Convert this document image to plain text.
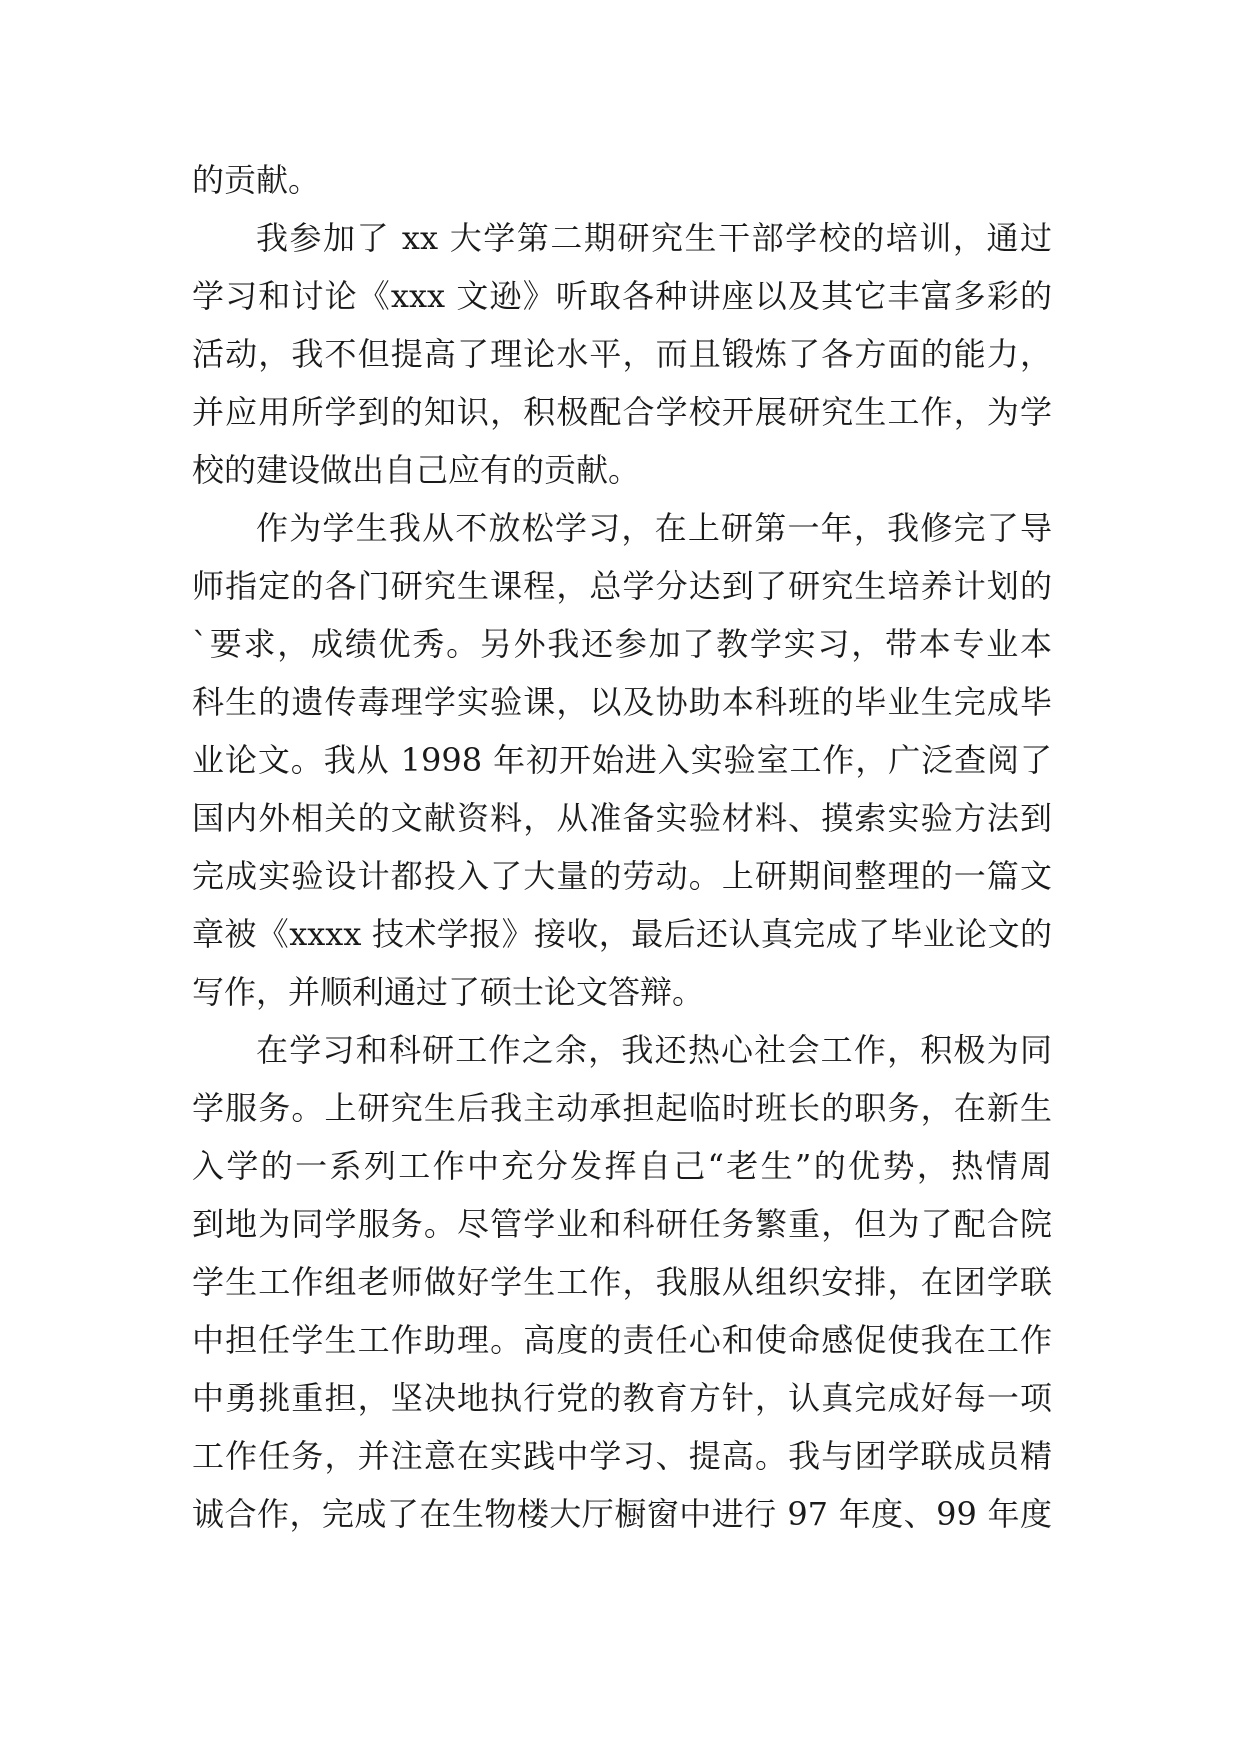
的贡献。
我参加了 xx 大学第二期研究生干部学校的培训，通过
学习和讨论《xxx 文逊》听取各种讲座以及其它丰富多彩的
活动，我不但提高了理论水平，而且锻炼了各方面的能力，
并应用所学到的知识，积极配合学校开展研究生工作，为学
校的建设做出自己应有的贡献。
作为学生我从不放松学习，在上研第一年，我修完了导
师指定的各门研究生课程，总学分达到了研究生培养计划的
`要求，成绩优秀。另外我还参加了教学实习，带本专业本
科生的遗传毒理学实验课，以及协助本科班的毕业生完成毕
业论文。我从 1998 年初开始进入实验室工作，广泛查阅了
国内外相关的文献资料，从准备实验材料、摸索实验方法到
完成实验设计都投入了大量的劳动。上研期间整理的一篇文
章被《xxxx 技术学报》接收，最后还认真完成了毕业论文的
写作，并顺利通过了硕士论文答辩。
在学习和科研工作之余，我还热心社会工作，积极为同
学服务。上研究生后我主动承担起临时班长的职务，在新生
入学的一系列工作中充分发挥自己“老生”的优势，热情周
到地为同学服务。尽管学业和科研任务繁重，但为了配合院
学生工作组老师做好学生工作，我服从组织安排，在团学联
中担任学生工作助理。高度的责任心和使命感促使我在工作
中勇挑重担，坚决地执行党的教育方针，认真完成好每一项
工作任务，并注意在实践中学习、提高。我与团学联成员精
诚合作，完成了在生物楼大厅橱窗中进行 97 年度、99 年度
